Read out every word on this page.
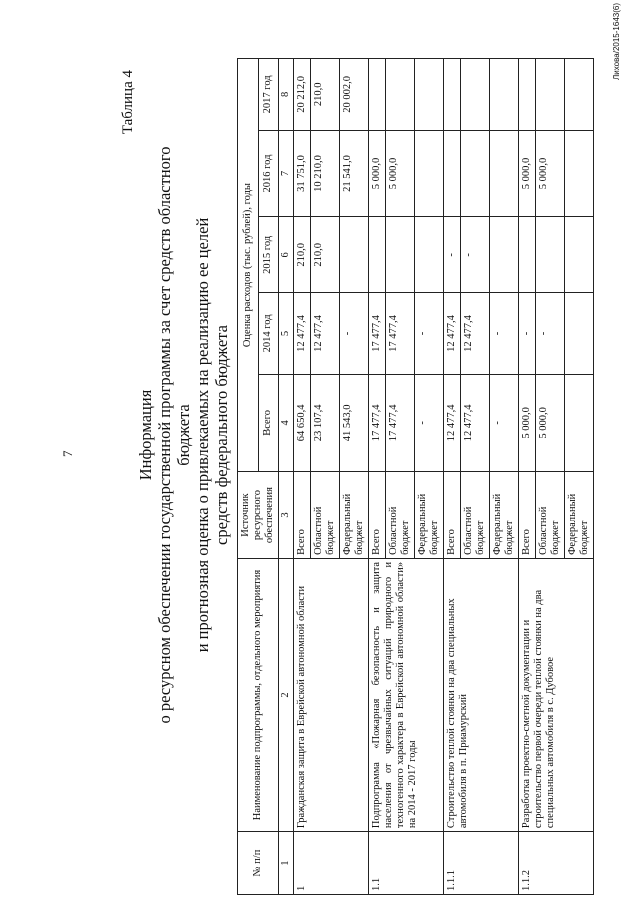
7
Таблица 4
Информация о ресурсном обеспечении государственной программы за счет средств областного бюджета и прогнозная оценка о привлекаемых на реализацию ее целей средств федерального бюджета
№ п/п	Наименование подпрограммы, отдельного мероприятия	Источник ресурсного обеспечения	Оценка расходов (тыс. рублей), годы				
			Всего	2014 год	2015 год	2016 год	2017 год
1	2	3	4	5	6	7	8
1	Гражданская защита в Еврейской автономной области	Всего	64 650,4	12 477,4	210,0	31 751,0	20 212,0
		Областной бюджет	23 107,4	12 477,4	210,0	10 210,0	210,0
		Федеральный бюджет	41 543,0	-		21 541,0	20 002,0
1.1	Подпрограмма «Пожарная безопасность и защита населения от чрезвычайных ситуаций природного и техногенного характера в Еврейской автономной области» на 2014 - 2017 годы	Всего	17 477,4	17 477,4		5 000,0	
		Областной бюджет	17 477,4	17 477,4		5 000,0	
		Федеральный бюджет	-	-			
1.1.1	Строительство теплой стоянки на два специальных автомобиля в п. Приамурский	Всего	12 477,4	12 477,4	-		
		Областной бюджет	12 477,4	12 477,4	-		
		Федеральный бюджет	-	-			
1.1.2	Разработка проектно-сметной документации и строительство первой очереди теплой стоянки на два специальных автомобиля в с. Дубовое	Всего	5 000,0	-		5 000,0	
		Областной бюджет	5 000,0	-		5 000,0	
		Федеральный бюджет					
Лихова/2015-1643(6)
